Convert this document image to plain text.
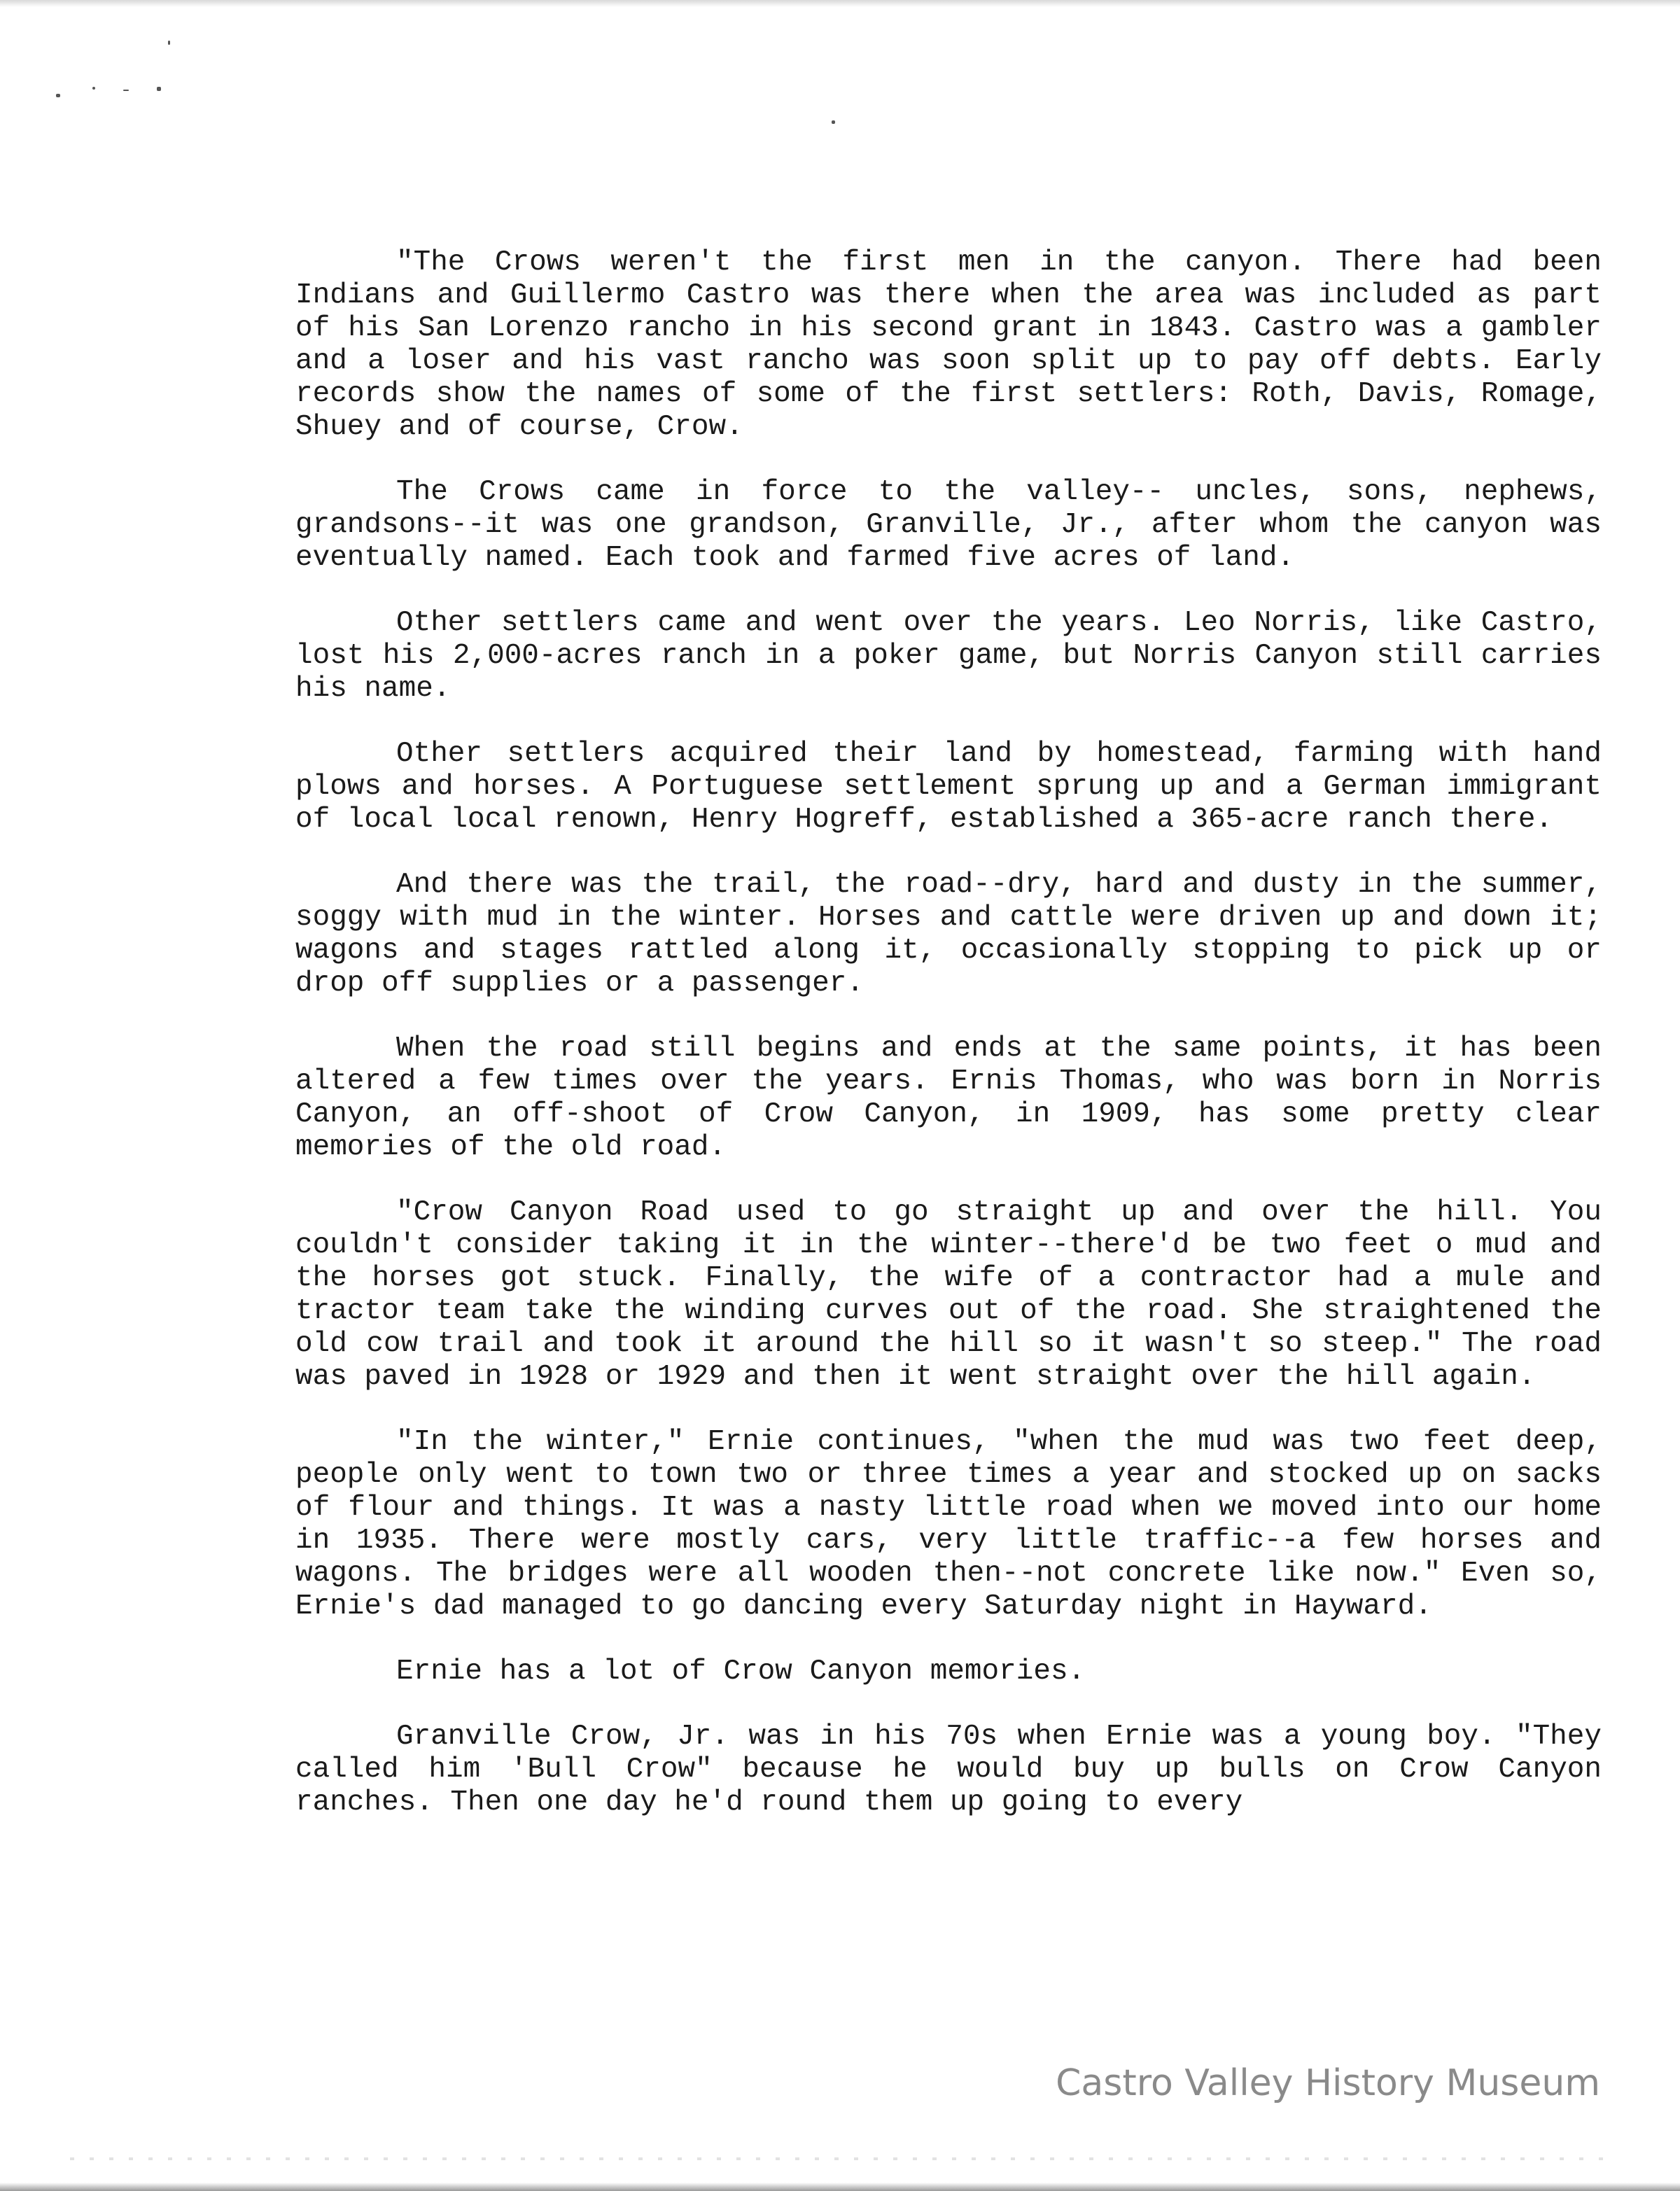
"The Crows weren't the first men in the canyon. There had been Indians and Guillermo Castro was there when the area was included as part of his San Lorenzo rancho in his second grant in 1843. Castro was a gambler and a loser and his vast rancho was soon split up to pay off debts. Early records show the names of some of the first settlers: Roth, Davis, Romage, Shuey and of course, Crow.

The Crows came in force to the valley-- uncles, sons, nephews, grandsons--it was one grandson, Granville, Jr., after whom the canyon was eventually named. Each took and farmed five acres of land.

Other settlers came and went over the years. Leo Norris, like Castro, lost his 2,000-acres ranch in a poker game, but Norris Canyon still carries his name.

Other settlers acquired their land by homestead, farming with hand plows and horses. A Portuguese settlement sprung up and a German immigrant of local local renown, Henry Hogreff, established a 365-acre ranch there.

And there was the trail, the road--dry, hard and dusty in the summer, soggy with mud in the winter. Horses and cattle were driven up and down it; wagons and stages rattled along it, occasionally stopping to pick up or drop off supplies or a passenger.

When the road still begins and ends at the same points, it has been altered a few times over the years. Ernis Thomas, who was born in Norris Canyon, an off-shoot of Crow Canyon, in 1909, has some pretty clear memories of the old road.

"Crow Canyon Road used to go straight up and over the hill. You couldn't consider taking it in the winter--there'd be two feet o mud and the horses got stuck. Finally, the wife of a contractor had a mule and tractor team take the winding curves out of the road. She straightened the old cow trail and took it around the hill so it wasn't so steep." The road was paved in 1928 or 1929 and then it went straight over the hill again.

"In the winter," Ernie continues, "when the mud was two feet deep, people only went to town two or three times a year and stocked up on sacks of flour and things. It was a nasty little road when we moved into our home in 1935. There were mostly cars, very little traffic--a few horses and wagons. The bridges were all wooden then--not concrete like now." Even so, Ernie's dad managed to go dancing every Saturday night in Hayward.

Ernie has a lot of Crow Canyon memories.

Granville Crow, Jr. was in his 70s when Ernie was a young boy. "They called him 'Bull Crow" because he would buy up bulls on Crow Canyon ranches. Then one day he'd round them up going to every

Castro Valley History Museum
